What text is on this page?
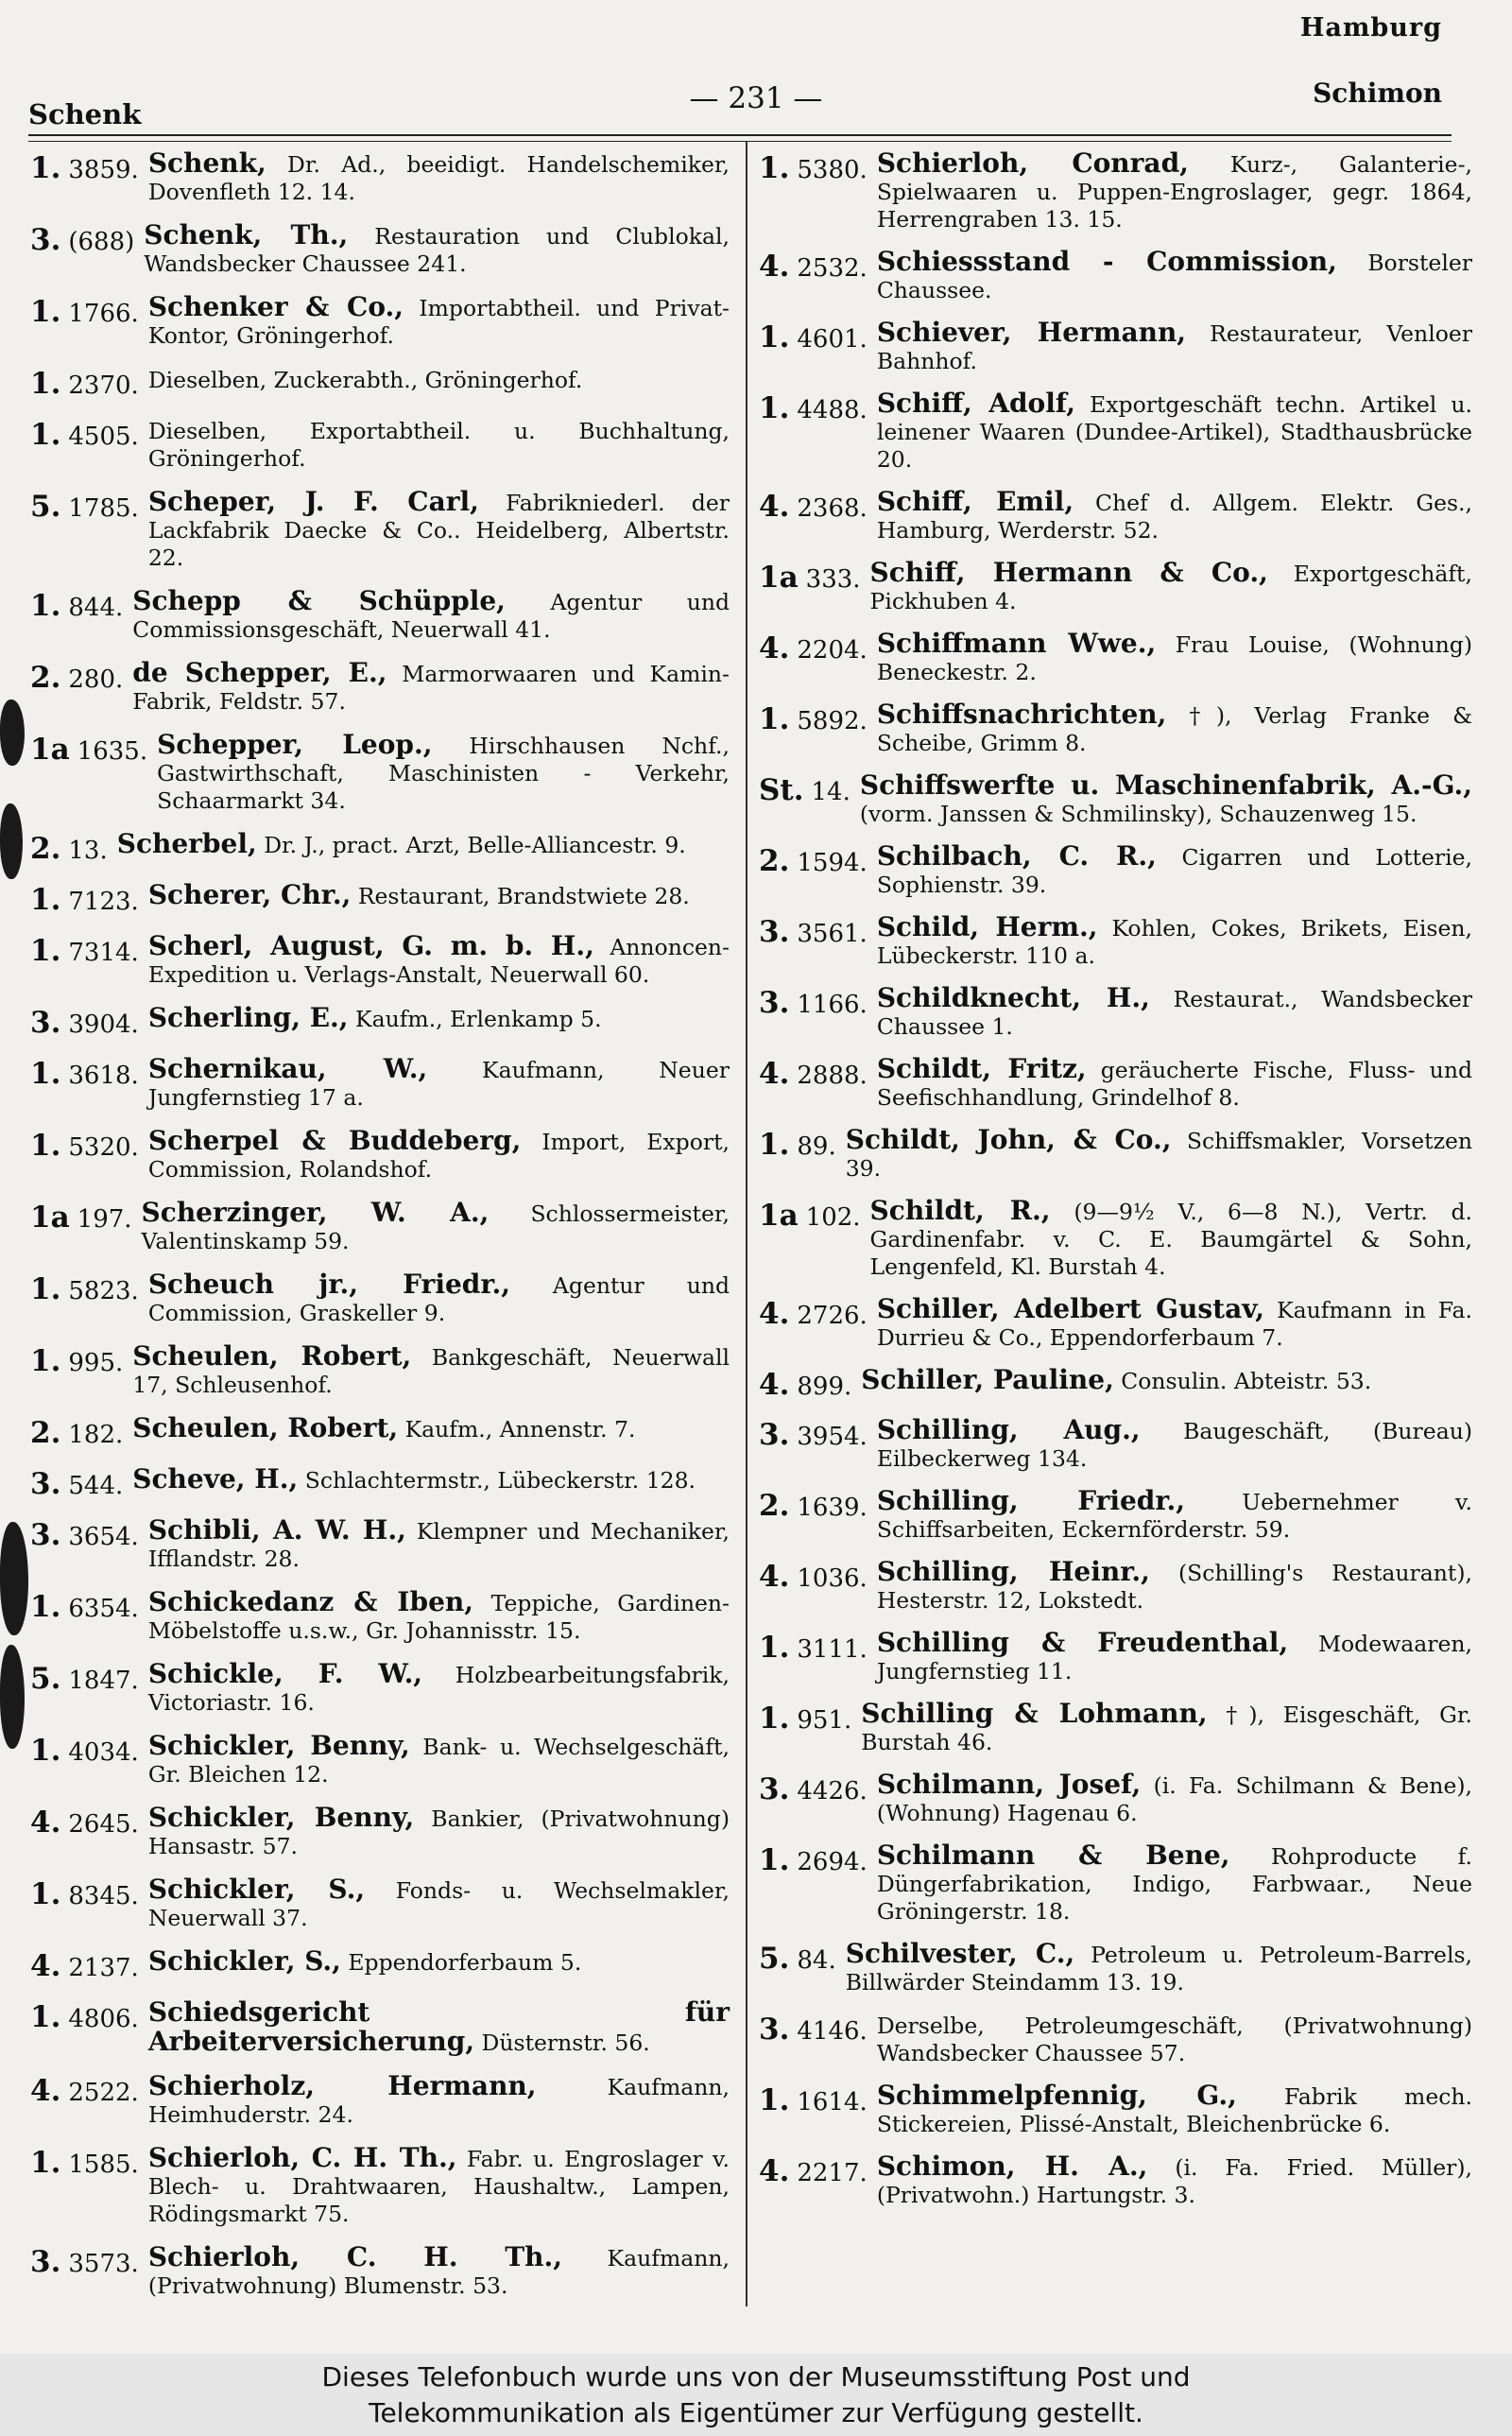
Hamburg
Schenk	— 231 —	Schimon
1. 3859. Schenk, Dr. Ad., beeidigt. Handelschemiker, Dovenfleth 12. 14.
3. (688) Schenk, Th., Restauration und Clublokal, Wandsbecker Chaussee 241.
1. 1766. Schenker & Co., Importabtheil. und Privat-Kontor, Gröningerhof.
1. 2370. Dieselben, Zuckerabth., Gröningerhof.
1. 4505. Dieselben, Exportabtheil. u. Buchhaltung, Gröningerhof.
5. 1785. Scheper, J. F. Carl, Fabrikniederl. der Lackfabrik Daecke & Co.. Heidelberg, Albertstr. 22.
1. 844. Schepp & Schüpple, Agentur und Commissionsgeschäft, Neuerwall 41.
2. 280. de Schepper, E., Marmorwaaren und Kamin-Fabrik, Feldstr. 57.
1a 1635. Schepper, Leop., Hirschhausen Nchf., Gastwirthschaft, Maschinisten - Verkehr, Schaarmarkt 34.
2. 13. Scherbel, Dr. J., pract. Arzt, Belle-Alliancestr. 9.
1. 7123. Scherer, Chr., Restaurant, Brandstwiete 28.
1. 7314. Scherl, August, G. m. b. H., Annoncen-Expedition u. Verlags-Anstalt, Neuerwall 60.
3. 3904. Scherling, E., Kaufm., Erlenkamp 5.
1. 3618. Schernikau, W., Kaufmann, Neuer Jungfernstieg 17 a.
1. 5320. Scherpel & Buddeberg, Import, Export, Commission, Rolandshof.
1a 197. Scherzinger, W. A., Schlossermeister, Valentinskamp 59.
1. 5823. Scheuch jr., Friedr., Agentur und Commission, Graskeller 9.
1. 995. Scheulen, Robert, Bankgeschäft, Neuerwall 17, Schleusenhof.
2. 182. Scheulen, Robert, Kaufm., Annenstr. 7.
3. 544. Scheve, H., Schlachtermstr., Lübeckerstr. 128.
3. 3654. Schibli, A. W. H., Klempner und Mechaniker, Ifflandstr. 28.
1. 6354. Schickedanz & Iben, Teppiche, Gardinen-Möbelstoffe u.s.w., Gr. Johannisstr. 15.
5. 1847. Schickle, F. W., Holzbearbeitungsfabrik, Victoriastr. 16.
1. 4034. Schickler, Benny, Bank- u. Wechselgeschäft, Gr. Bleichen 12.
4. 2645. Schickler, Benny, Bankier, (Privatwohnung) Hansastr. 57.
1. 8345. Schickler, S., Fonds- u. Wechselmakler, Neuerwall 37.
4. 2137. Schickler, S., Eppendorferbaum 5.
1. 4806. Schiedsgericht für Arbeiterversicherung, Düsternstr. 56.
4. 2522. Schierholz, Hermann, Kaufmann, Heimhuderstr. 24.
1. 1585. Schierloh, C. H. Th., Fabr. u. Engroslager v. Blech- u. Drahtwaaren, Haushaltw., Lampen, Rödingsmarkt 75.
3. 3573. Schierloh, C. H. Th., Kaufmann, (Privatwohnung) Blumenstr. 53.
1. 5380. Schierloh, Conrad, Kurz-, Galanterie-, Spielwaaren u. Puppen-Engroslager, gegr. 1864, Herrengraben 13. 15.
4. 2532. Schiessstand - Commission, Borsteler Chaussee.
1. 4601. Schiever, Hermann, Restaurateur, Venloer Bahnhof.
1. 4488. Schiff, Adolf, Exportgeschäft techn. Artikel u. leinener Waaren (Dundee-Artikel), Stadthausbrücke 20.
4. 2368. Schiff, Emil, Chef d. Allgem. Elektr. Ges., Hamburg, Werderstr. 52.
1a 333. Schiff, Hermann & Co., Exportgeschäft, Pickhuben 4.
4. 2204. Schiffmann Wwe., Frau Louise, (Wohnung) Beneckestr. 2.
1. 5892. Schiffsnachrichten, †), Verlag Franke & Scheibe, Grimm 8.
St. 14. Schiffswerfte u. Maschinenfabrik, A.-G., (vorm. Janssen & Schmilinsky), Schauzenweg 15.
2. 1594. Schilbach, C. R., Cigarren und Lotterie, Sophienstr. 39.
3. 3561. Schild, Herm., Kohlen, Cokes, Brikets, Eisen, Lübeckerstr. 110 a.
3. 1166. Schildknecht, H., Restaurat., Wandsbecker Chaussee 1.
4. 2888. Schildt, Fritz, geräucherte Fische, Fluss- und Seefischhandlung, Grindelhof 8.
1. 89. Schildt, John, & Co., Schiffsmakler, Vorsetzen 39.
1a 102. Schildt, R., (9—9½ V., 6—8 N.), Vertr. d. Gardinenfabr. v. C. E. Baumgärtel & Sohn, Lengenfeld, Kl. Burstah 4.
4. 2726. Schiller, Adelbert Gustav, Kaufmann in Fa. Durrieu & Co., Eppendorferbaum 7.
4. 899. Schiller, Pauline, Consulin. Abteistr. 53.
3. 3954. Schilling, Aug., Baugeschäft, (Bureau) Eilbeckerweg 134.
2. 1639. Schilling, Friedr., Uebernehmer v. Schiffsarbeiten, Eckernförderstr. 59.
4. 1036. Schilling, Heinr., (Schilling's Restaurant), Hesterstr. 12, Lokstedt.
1. 3111. Schilling & Freudenthal, Modewaaren, Jungfernstieg 11.
1. 951. Schilling & Lohmann, †), Eisgeschäft, Gr. Burstah 46.
3. 4426. Schilmann, Josef, (i. Fa. Schilmann & Bene), (Wohnung) Hagenau 6.
1. 2694. Schilmann & Bene, Rohproducte f. Düngerfabrikation, Indigo, Farbwaar., Neue Gröningerstr. 18.
5. 84. Schilvester, C., Petroleum u. Petroleum-Barrels, Billwärder Steindamm 13. 19.
3. 4146. Derselbe, Petroleumgeschäft, (Privatwohnung) Wandsbecker Chaussee 57.
1. 1614. Schimmelpfennig, G., Fabrik mech. Stickereien, Plissé-Anstalt, Bleichenbrücke 6.
4. 2217. Schimon, H. A., (i. Fa. Fried. Müller), (Privatwohn.) Hartungstr. 3.
Dieses Telefonbuch wurde uns von der Museumsstiftung Post und
Telekommunikation als Eigentümer zur Verfügung gestellt.
